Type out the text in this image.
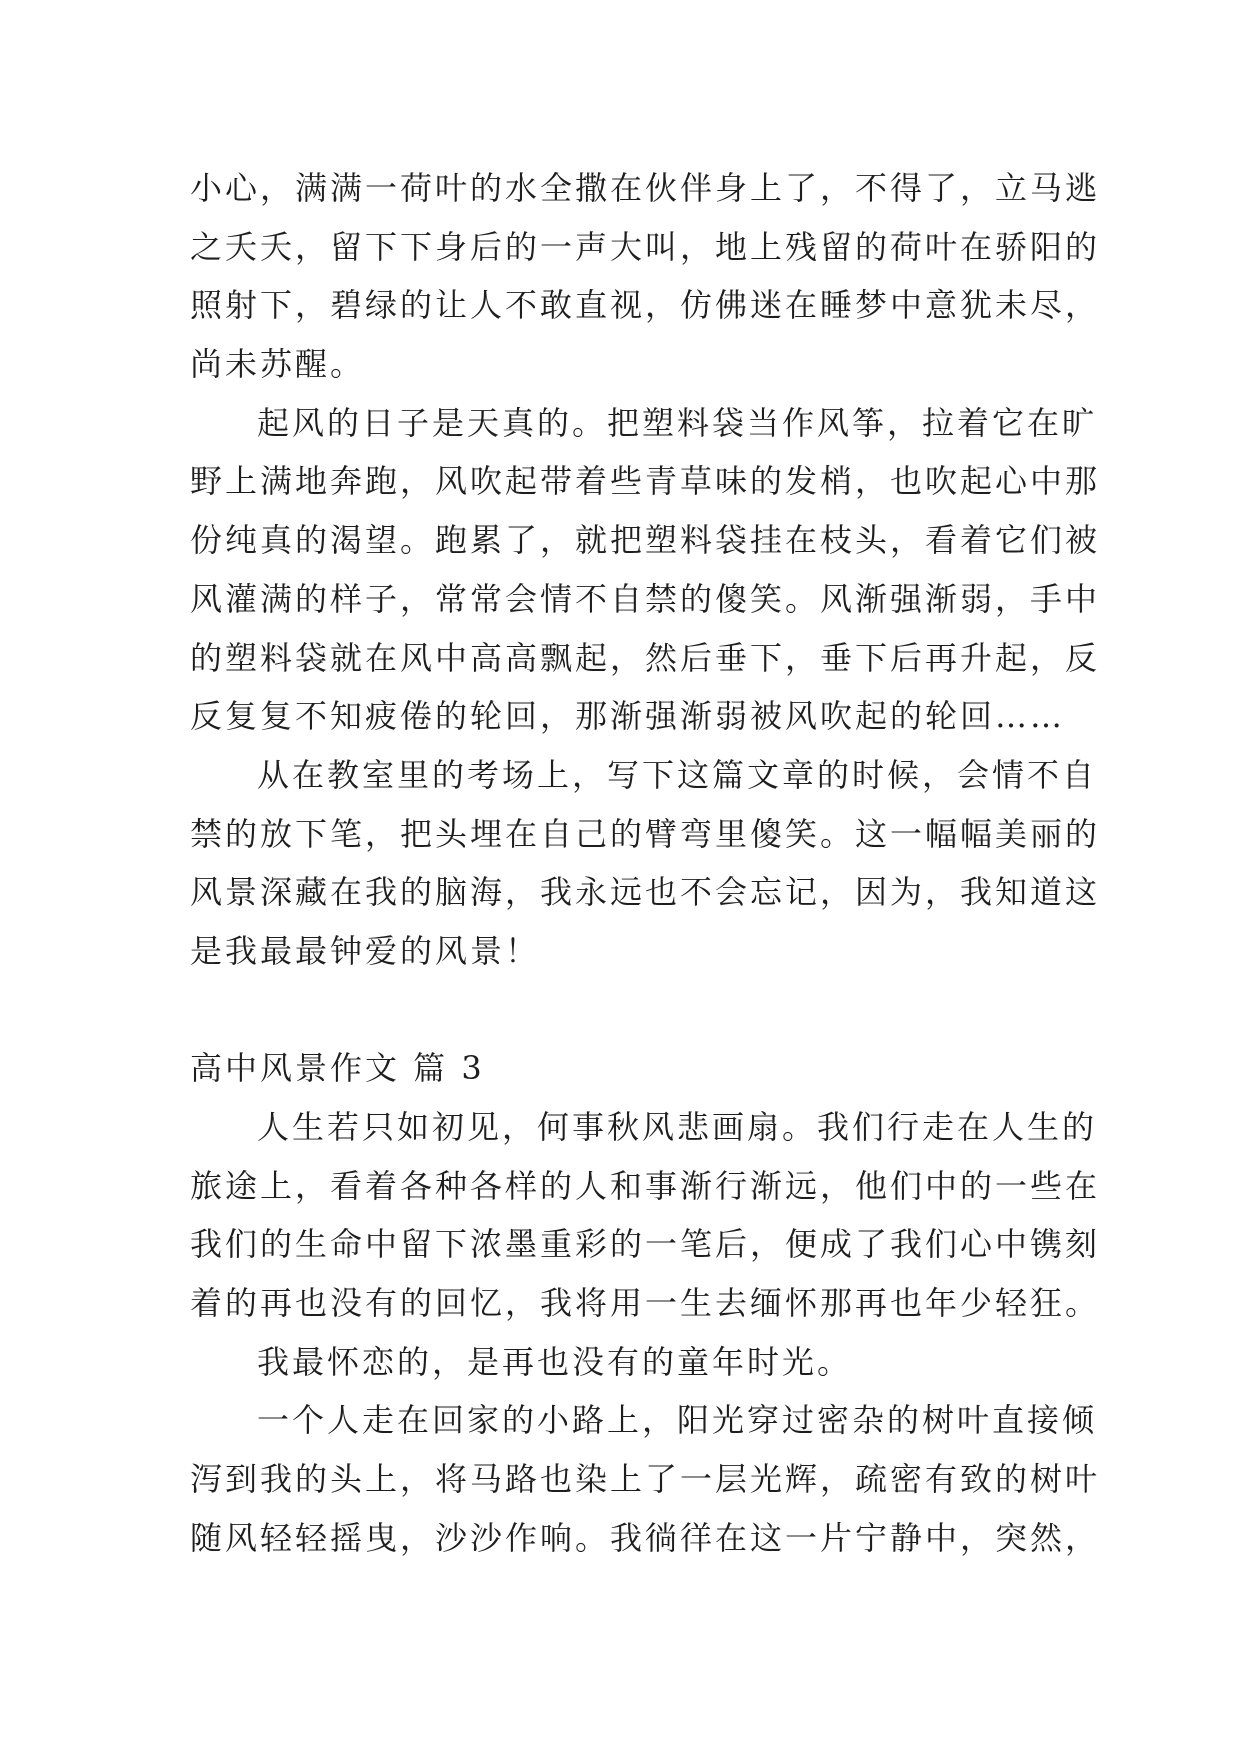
小心，满满一荷叶的水全撒在伙伴身上了，不得了，立马逃
之夭夭，留下下身后的一声大叫，地上残留的荷叶在骄阳的
照射下，碧绿的让人不敢直视，仿佛迷在睡梦中意犹未尽，
尚未苏醒。
起风的日子是天真的。把塑料袋当作风筝，拉着它在旷
野上满地奔跑，风吹起带着些青草味的发梢，也吹起心中那
份纯真的渴望。跑累了，就把塑料袋挂在枝头，看着它们被
风灌满的样子，常常会情不自禁的傻笑。风渐强渐弱，手中
的塑料袋就在风中高高飘起，然后垂下，垂下后再升起，反
反复复不知疲倦的轮回，那渐强渐弱被风吹起的轮回……
从在教室里的考场上，写下这篇文章的时候，会情不自
禁的放下笔，把头埋在自己的臂弯里傻笑。这一幅幅美丽的
风景深藏在我的脑海，我永远也不会忘记，因为，我知道这
是我最最钟爱的风景！
高中风景作文 篇 3
人生若只如初见，何事秋风悲画扇。我们行走在人生的
旅途上，看着各种各样的人和事渐行渐远，他们中的一些在
我们的生命中留下浓墨重彩的一笔后，便成了我们心中镌刻
着的再也没有的回忆，我将用一生去缅怀那再也年少轻狂。
我最怀恋的，是再也没有的童年时光。
一个人走在回家的小路上，阳光穿过密杂的树叶直接倾
泻到我的头上，将马路也染上了一层光辉，疏密有致的树叶
随风轻轻摇曳，沙沙作响。我徜徉在这一片宁静中，突然，
